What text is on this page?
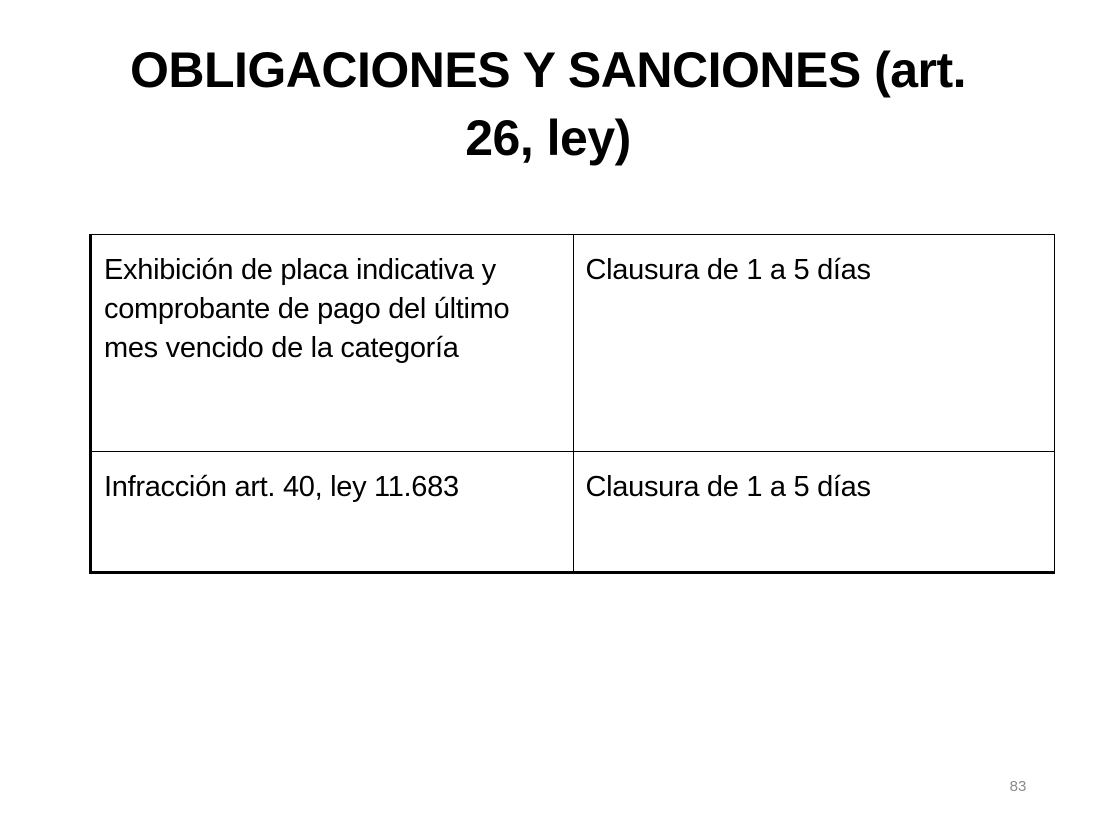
OBLIGACIONES Y SANCIONES (art.
26, ley)
Exhibición de placa indicativa y comprobante de pago del último mes vencido de la categoría	Clausura de 1 a 5 días
Infracción art. 40, ley 11.683	Clausura de 1 a 5 días
83
